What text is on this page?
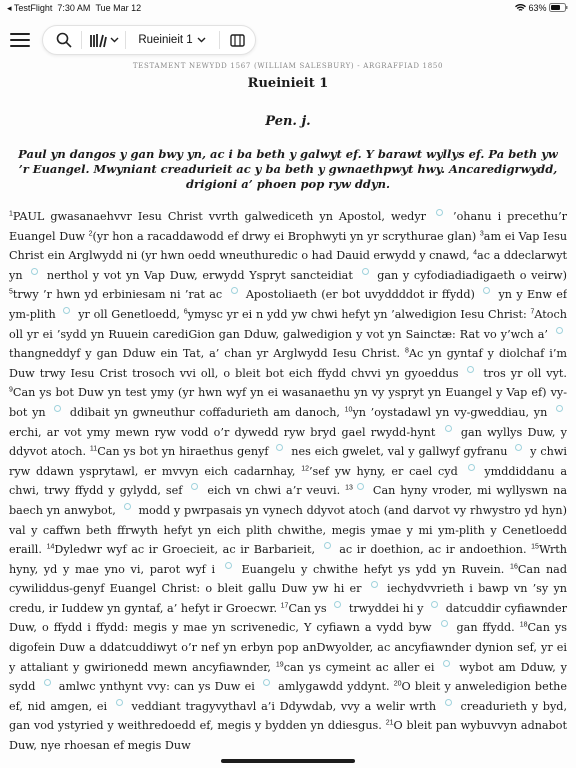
◂ TestFlight 7:30 AM Tue Mar 12	63%
Rueinieit 1
TESTAMENT NEWYDD 1567 (WILLIAM SALESBURY) - ARGRAFFIAD 1850
Rueinieit 1
Pen. j.
Paul yn dangos y gan bwy yn, ac i ba beth y galwyt ef. Y barawt wyllys ef. Pa beth yw ’r Euangel. Mwyniant creadurieit ac y ba beth y gwnaethpwyt hwy. Ancaredigrwydd, drigioni a’ phoen pop ryw ddyn.
$^1$PAUL gwasanaehvvr Iesu Christ vvrth galwediceth yn Apostol, wedyr  ’ohanu i precethu’r Euangel Duw $^2$(yr hon a racaddawodd ef drwy ei Brophwyti yn yr scrythurae glan) $^3$am ei Vap Iesu Christ ein Arglwydd ni (yr hwn oedd wneuthuredic o had Dauid erwydd y cnawd, $^4$ac a ddeclarwyt yn  nerthol y vot yn Vap Duw, erwydd Yspryt sancteidiat  gan y cyfodiadiadigaeth o veirw) $^5$trwy ’r hwn yd erbiniesam ni ’rat ac  Apostoliaeth (er bot uvyddddot ir ffydd)  yn y Enw ef ym-plith  yr oll Genetloedd, $^6$ymysc yr ei n ydd yw chwi hefyt yn ’alwedigion Iesu Christ: $^7$Atoch oll yr ei ’sydd yn Ruuein carediGion gan Dduw, galwedigion y vot yn Sainctæ: Rat vo y’wch a’  thangneddyf y gan Dduw ein Tat, a’ chan yr Arglwydd Iesu Christ. $^8$Ac yn gyntaf y diolchaf i’m Duw trwy Iesu Crist trosoch vvi oll, o bleit bot eich ffydd chvvi yn gyoeddus  tros yr oll vyt. $^9$Can ys bot Duw yn test ymy (yr hwn wyf yn ei wasanaethu yn vy yspryt yn Euangel y Vap ef) vy-bot yn  ddibait yn gwneuthur coffadurieth am danoch, $^{10}$yn ’oystadawl yn vy-gweddiau, yn  erchi, ar vot ymy mewn ryw vodd o’r dywedd ryw bryd gael rwydd-hynt  gan wyllys Duw, y ddyvot atoch. $^{11}$Can ys bot yn hiraethus genyf  nes eich gwelet, val y gallwyf gyfranu  y chwi ryw ddawn ysprytawl, er mvvyn eich cadarnhay, $^{12}$’sef yw hyny, er cael cyd  ymddiddanu a chwi, trwy ffydd y gylydd, sef  eich vn chwi a’r veuvi. $^{13}$ Can hyny vroder, mi wyllyswn na baech yn anwybot,  modd y pwrpasais yn vynech ddyvot atoch (and darvot vy rhwystro yd hyn) val y caffwn beth ffrwyth hefyt yn eich plith chwithe, megis ymae y mi ym-plith y Cenetloedd eraill. $^{14}$Dyledwr wyf ac ir Groecieit, ac ir Barbarieit,  ac ir doethion, ac ir andoethion. $^{15}$Wrth hyny, yd y mae yno vi, parot wyf i  Euangelu y chwithe hefyt ys ydd yn Ruvein. $^{16}$Can nad cywiliddus-genyf Euangel Christ: o bleit gallu Duw yw hi er  iechydvvrieth i bawp vn ’sy yn credu, ir Iuddew yn gyntaf, a’ hefyt ir Groecwr. $^{17}$Can ys  trwyddei hi y  datcuddir cyfiawnder Duw, o ffydd i ffydd: megis y mae yn scrivenedic, Y cyfiawn a vydd byw  gan ffydd. $^{18}$Can ys digofein Duw a ddatcuddiwyt o’r nef yn erbyn pop anDwyolder, ac ancyfiawnder dynion sef, yr ei y attaliant y gwirionedd mewn ancyfiawnder, $^{19}$can ys cymeint ac aller ei  wybot am Dduw, y sydd  amlwc ynthynt vvy: can ys Duw ei  amlygawdd yddynt. $^{20}$O bleit y anweledigion bethe ef, nid amgen, ei  veddiant tragyvythavl a’i Ddywdab, vvy a welir wrth  creadurieth y byd, gan vod ystyried y weithredoedd ef, megis y bydden yn ddiesgus. $^{21}$O bleit pan wybuvvyn adnabot Duw, nye rhoesan ef megis Duw
